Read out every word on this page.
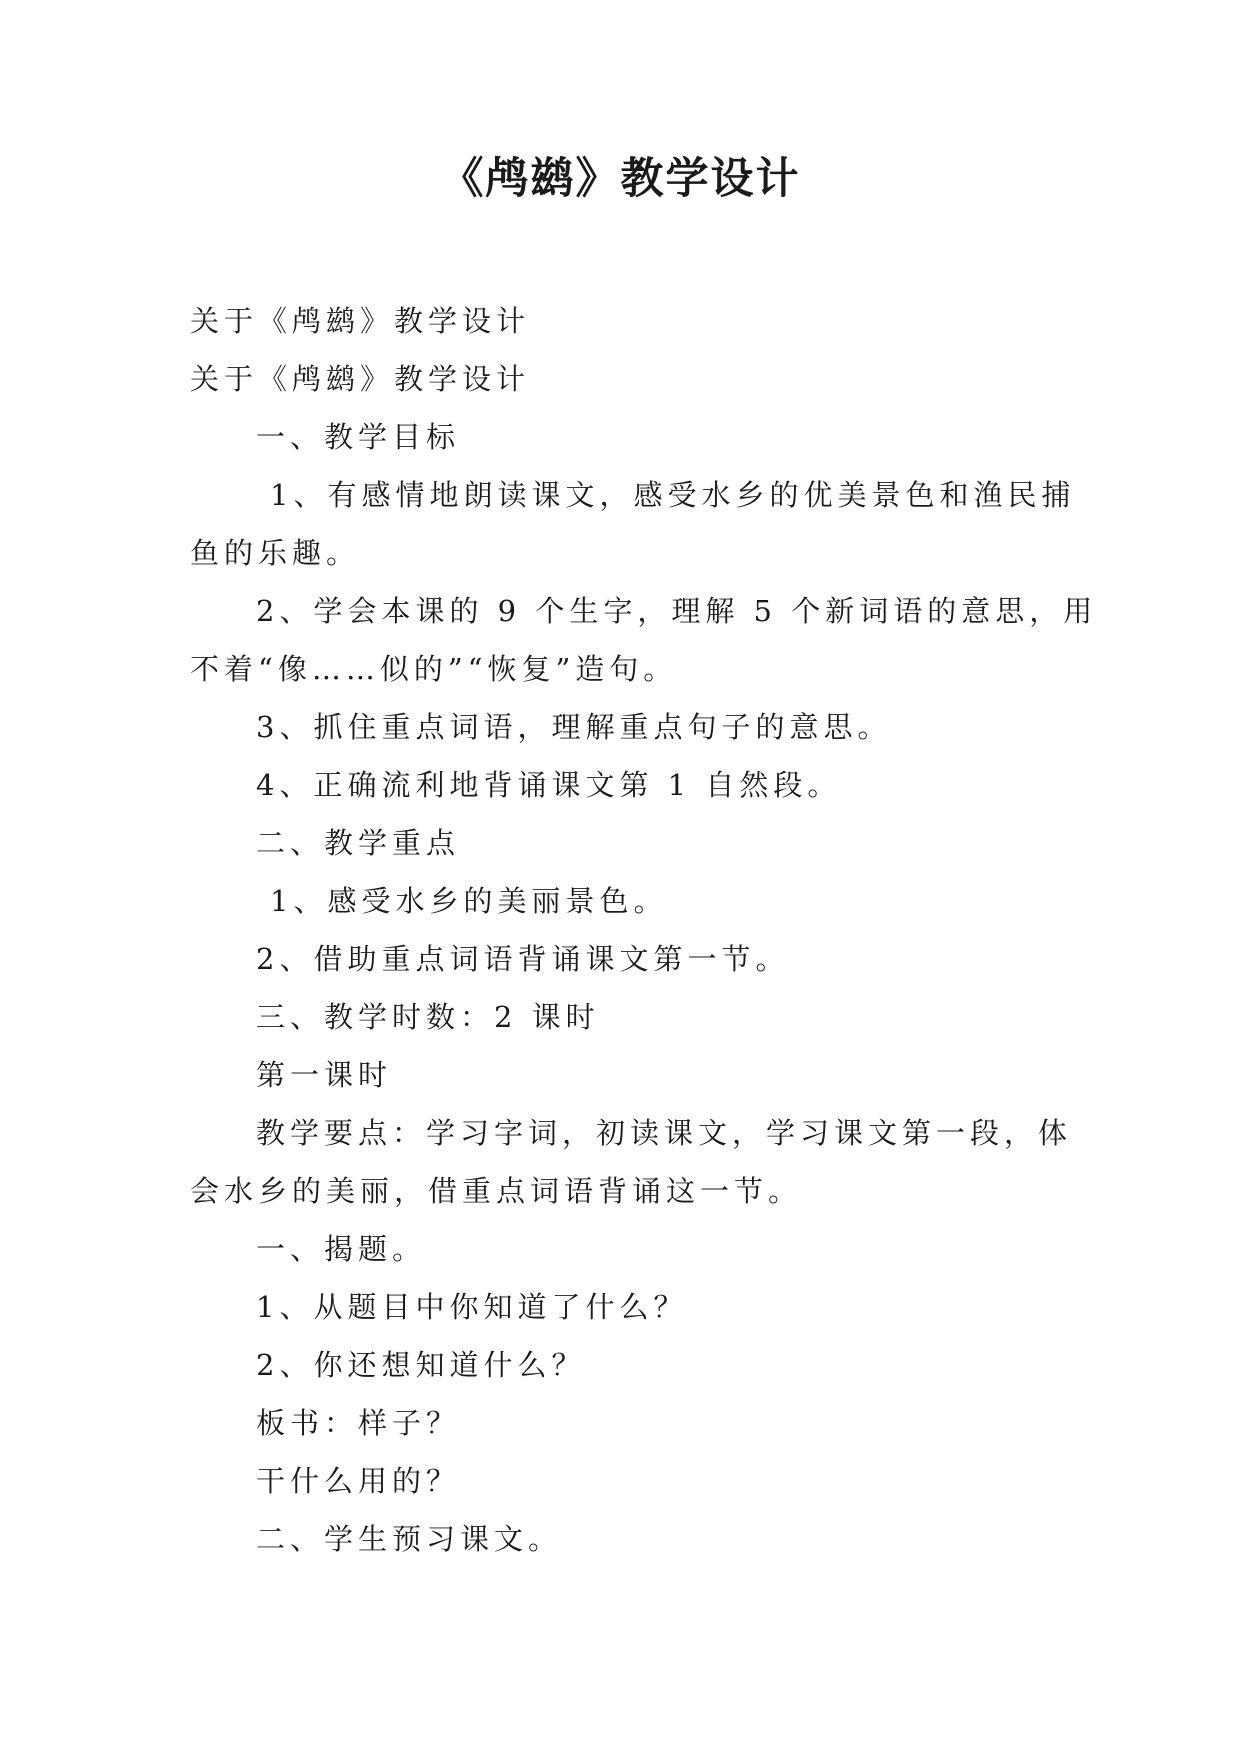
《鸬鹚》教学设计

关于《鸬鹚》教学设计

关于《鸬鹚》教学设计

一、教学目标

1、有感情地朗读课文，感受水乡的优美景色和渔民捕

鱼的乐趣。

2、学会本课的 9 个生字，理解 5 个新词语的意思，用

不着“像……似的”“恢复”造句。

3、抓住重点词语，理解重点句子的意思。

4、正确流利地背诵课文第 1 自然段。

二、教学重点

1、感受水乡的美丽景色。

2、借助重点词语背诵课文第一节。

三、教学时数：2 课时

第一课时

教学要点：学习字词，初读课文，学习课文第一段，体

会水乡的美丽，借重点词语背诵这一节。

一、揭题。

1、从题目中你知道了什么？

2、你还想知道什么？

板书：样子？

干什么用的？

二、学生预习课文。
